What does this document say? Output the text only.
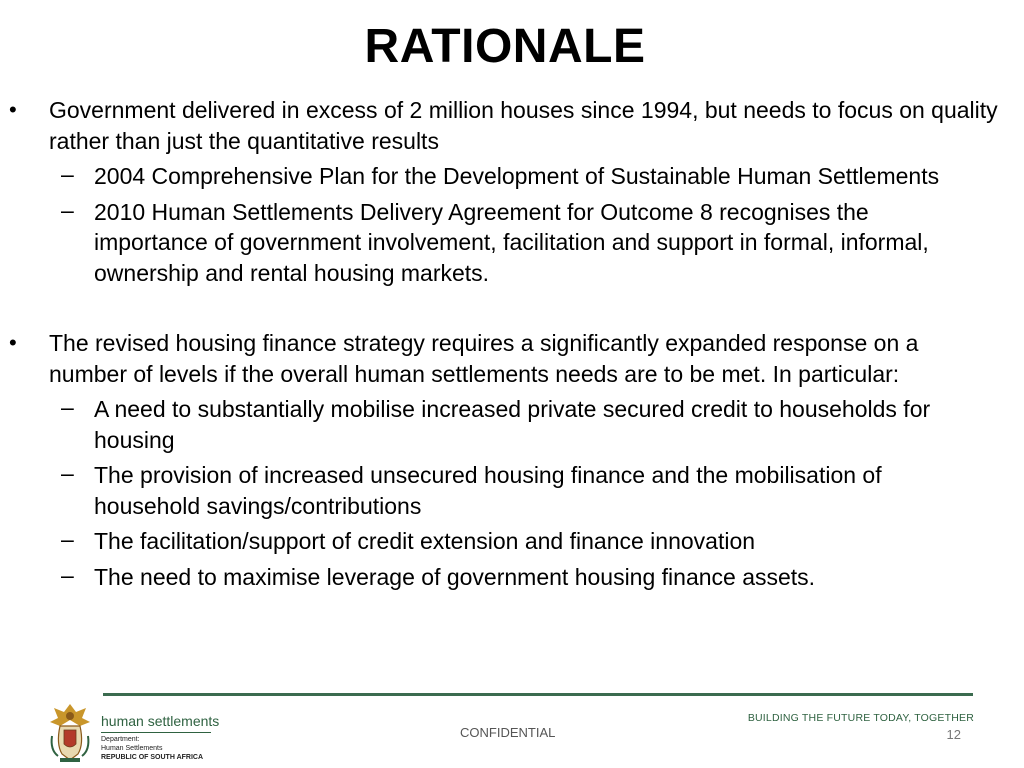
RATIONALE
• Government delivered in excess of 2 million houses since 1994, but needs to focus on quality rather than just the quantitative results
– 2004 Comprehensive Plan for the Development of Sustainable Human Settlements
– 2010 Human Settlements Delivery Agreement for Outcome 8 recognises the importance of government involvement, facilitation and support in formal, informal, ownership and rental housing markets.
• The revised housing finance strategy requires a significantly expanded response on a number of levels if the overall human settlements needs are to be met. In particular:
– A need to substantially mobilise increased private secured credit to households for housing
– The provision of increased unsecured housing finance and the mobilisation of household savings/contributions
– The facilitation/support of credit extension and finance innovation
– The need to maximise leverage of government housing finance assets.
human settlements
Department:
Human Settlements
REPUBLIC OF SOUTH AFRICA
CONFIDENTIAL
BUILDING THE FUTURE TODAY, TOGETHER
12
